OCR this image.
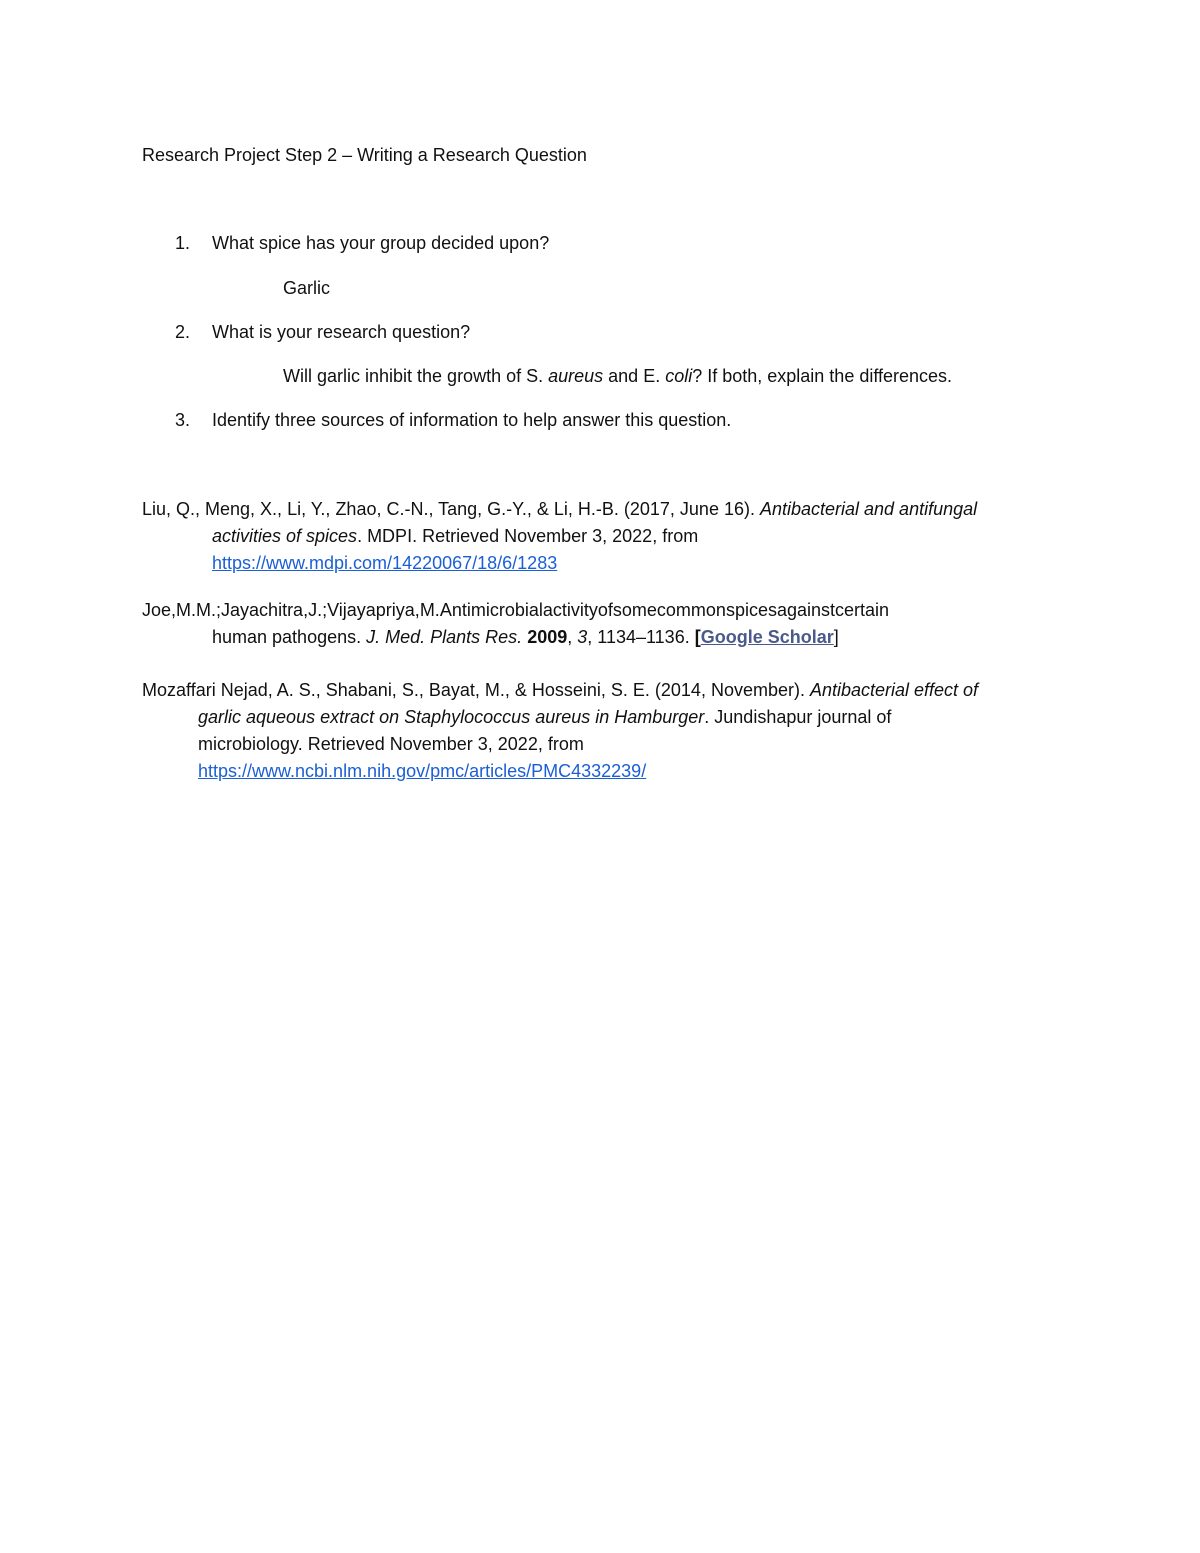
Research Project Step 2 – Writing a Research Question
1. What spice has your group decided upon?
Garlic
2. What is your research question?
Will garlic inhibit the growth of S. aureus and E. coli? If both, explain the differences.
3. Identify three sources of information to help answer this question.
Liu, Q., Meng, X., Li, Y., Zhao, C.-N., Tang, G.-Y., & Li, H.-B. (2017, June 16). Antibacterial and antifungal
activities of spices. MDPI. Retrieved November 3, 2022, from
https://www.mdpi.com/14220067/18/6/1283
Joe,M.M.;Jayachitra,J.;Vijayapriya,M.Antimicrobialactivityofsomecommonspicesagainstcertain
human pathogens. J. Med. Plants Res. 2009, 3, 1134–1136. [Google Scholar]
Mozaffari Nejad, A. S., Shabani, S., Bayat, M., & Hosseini, S. E. (2014, November). Antibacterial effect of
garlic aqueous extract on Staphylococcus aureus in Hamburger. Jundishapur journal of
microbiology. Retrieved November 3, 2022, from
https://www.ncbi.nlm.nih.gov/pmc/articles/PMC4332239/
